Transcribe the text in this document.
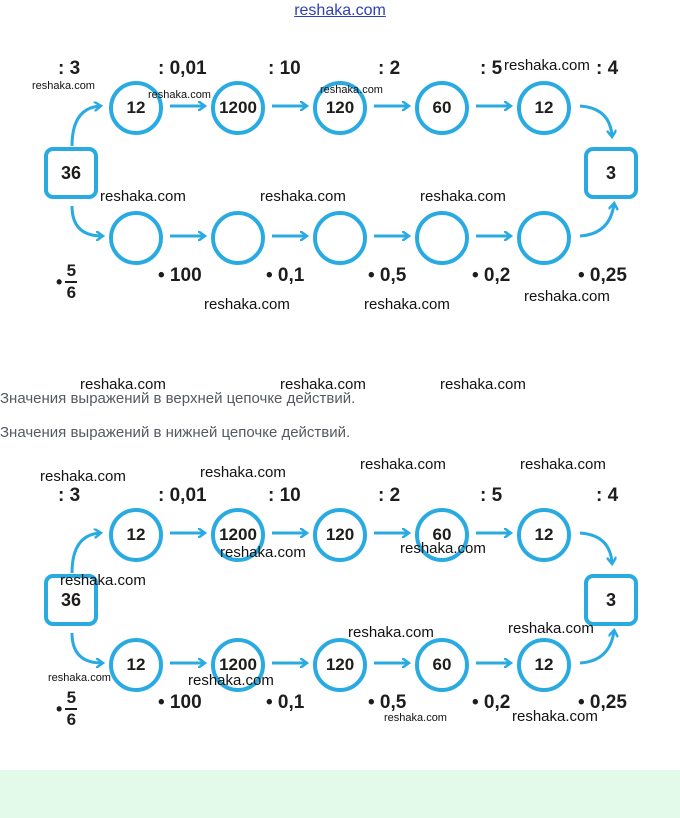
reshaka.com
36	3
12	1200	120	60	12
: 3	: 0,01	: 10	: 2	: 5	: 4
•
5
6
• 100	• 0,1	• 0,5	• 0,2	• 0,25
Значения выражений в верхней цепочке действий.
Значения выражений в нижней цепочке действий.
36	3
12	1200	120	60	12
12	1200	120	60	12
: 3	: 0,01	: 10	: 2	: 5	: 4
•
5
6
• 100	• 0,1	• 0,5	• 0,2	• 0,25
reshaka.com
reshaka.com	reshaka.com
reshaka.com
reshaka.com	reshaka.com	reshaka.com
reshaka.com	reshaka.com	reshaka.com
reshaka.com	reshaka.com	reshaka.com
reshaka.com	reshaka.com	reshaka.com	reshaka.com
reshaka.com	reshaka.com
reshaka.com
reshaka.com	reshaka.com
reshaka.com	reshaka.com
reshaka.com	reshaka.com
